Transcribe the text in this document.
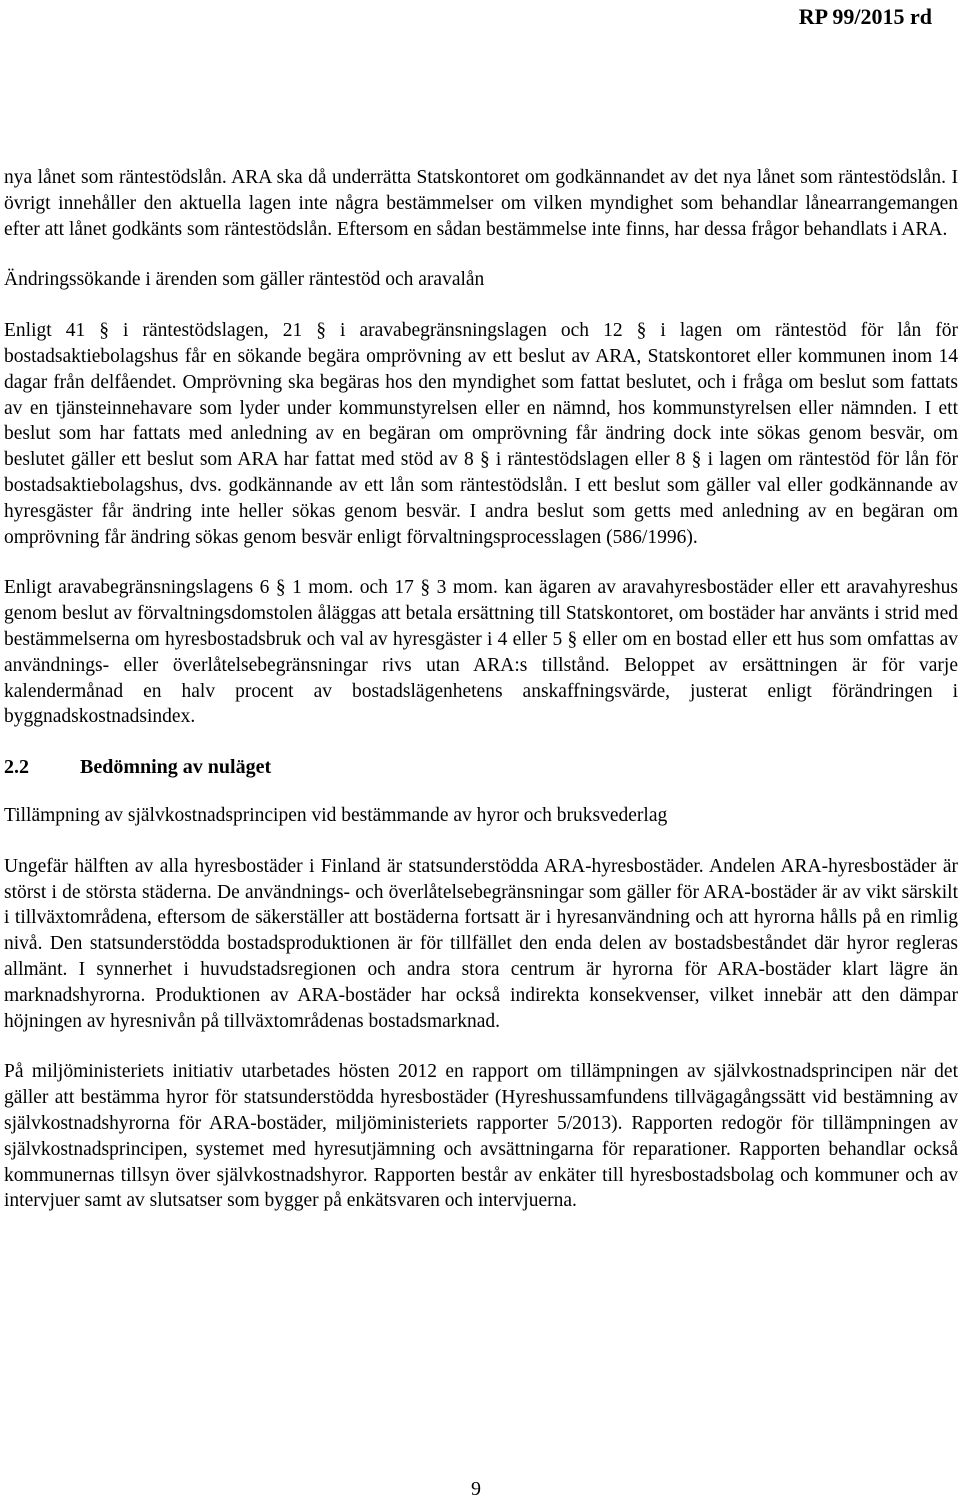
RP 99/2015 rd

nya lånet som räntestödslån. ARA ska då underrätta Statskontoret om godkännandet av det nya lånet som räntestödslån. I övrigt innehåller den aktuella lagen inte några bestämmelser om vilken myndighet som behandlar lånearrangemangen efter att lånet godkänts som räntestödslån. Eftersom en sådan bestämmelse inte finns, har dessa frågor behandlats i ARA.

Ändringssökande i ärenden som gäller räntestöd och aravalån

Enligt 41 § i räntestödslagen, 21 § i aravabegränsningslagen och 12 § i lagen om räntestöd för lån för bostadsaktiebolagshus får en sökande begära omprövning av ett beslut av ARA, Statskontoret eller kommunen inom 14 dagar från delfåendet. Omprövning ska begäras hos den myndighet som fattat beslutet, och i fråga om beslut som fattats av en tjänsteinnehavare som lyder under kommunstyrelsen eller en nämnd, hos kommunstyrelsen eller nämnden. I ett beslut som har fattats med anledning av en begäran om omprövning får ändring dock inte sökas genom besvär, om beslutet gäller ett beslut som ARA har fattat med stöd av 8 § i räntestödslagen eller 8 § i lagen om räntestöd för lån för bostadsaktiebolagshus, dvs. godkännande av ett lån som räntestödslån. I ett beslut som gäller val eller godkännande av hyresgäster får ändring inte heller sökas genom besvär. I andra beslut som getts med anledning av en begäran om omprövning får ändring sökas genom besvär enligt förvaltningsprocesslagen (586/1996).

Enligt aravabegränsningslagens 6 § 1 mom. och 17 § 3 mom. kan ägaren av aravahyresbostäder eller ett aravahyreshus genom beslut av förvaltningsdomstolen åläggas att betala ersättning till Statskontoret, om bostäder har använts i strid med bestämmelserna om hyresbostadsbruk och val av hyresgäster i 4 eller 5 § eller om en bostad eller ett hus som omfattas av användnings- eller överlåtelsebegränsningar rivs utan ARA:s tillstånd. Beloppet av ersättningen är för varje kalendermånad en halv procent av bostadslägenhetens anskaffningsvärde, justerat enligt förändringen i byggnadskostnadsindex.

2.2	Bedömning av nuläget

Tillämpning av självkostnadsprincipen vid bestämmande av hyror och bruksvederlag

Ungefär hälften av alla hyresbostäder i Finland är statsunderstödda ARA-hyresbostäder. Andelen ARA-hyresbostäder är störst i de största städerna. De användnings- och överlåtelsebegränsningar som gäller för ARA-bostäder är av vikt särskilt i tillväxtområdena, eftersom de säkerställer att bostäderna fortsatt är i hyresanvändning och att hyrorna hålls på en rimlig nivå. Den statsunderstödda bostadsproduktionen är för tillfället den enda delen av bostadsbeståndet där hyror regleras allmänt. I synnerhet i huvudstadsregionen och andra stora centrum är hyrorna för ARA-bostäder klart lägre än marknadshyrorna. Produktionen av ARA-bostäder har också indirekta konsekvenser, vilket innebär att den dämpar höjningen av hyresnivån på tillväxtområdenas bostadsmarknad.

På miljöministeriets initiativ utarbetades hösten 2012 en rapport om tillämpningen av självkostnadsprincipen när det gäller att bestämma hyror för statsunderstödda hyresbostäder (Hyreshussamfundens tillvägagångssätt vid bestämning av självkostnadshyrorna för ARA-bostäder, miljöministeriets rapporter 5/2013). Rapporten redogör för tillämpningen av självkostnadsprincipen, systemet med hyresutjämning och avsättningarna för reparationer. Rapporten behandlar också kommunernas tillsyn över självkostnadshyror. Rapporten består av enkäter till hyresbostadsbolag och kommuner och av intervjuer samt av slutsatser som bygger på enkätsvaren och intervjuerna.

9
